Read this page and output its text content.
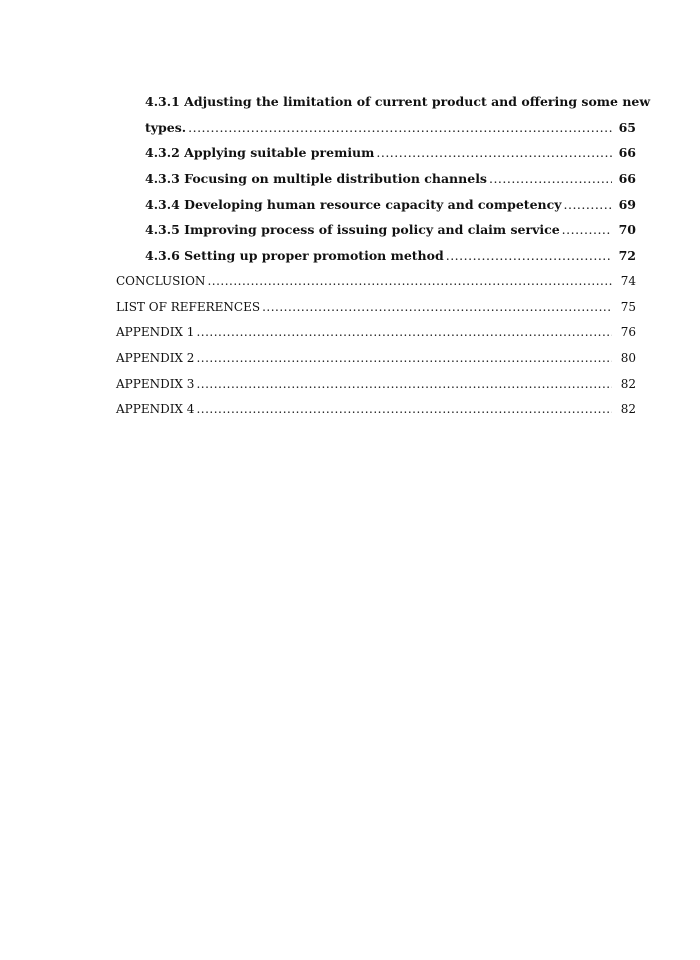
4.3.1 Adjusting the limitation of current product and offering some new
types. .....	65
4.3.2 Applying suitable premium .....	66
4.3.3 Focusing on multiple distribution channels .....	66
4.3.4 Developing human resource capacity and competency .....	69
4.3.5 Improving process of issuing policy and claim service .....	70
4.3.6 Setting up proper promotion method .....	72
CONCLUSION .....	74
LIST OF REFERENCES .....	75
APPENDIX 1 .....	76
APPENDIX 2 .....	80
APPENDIX 3 .....	82
APPENDIX 4 .....	82
